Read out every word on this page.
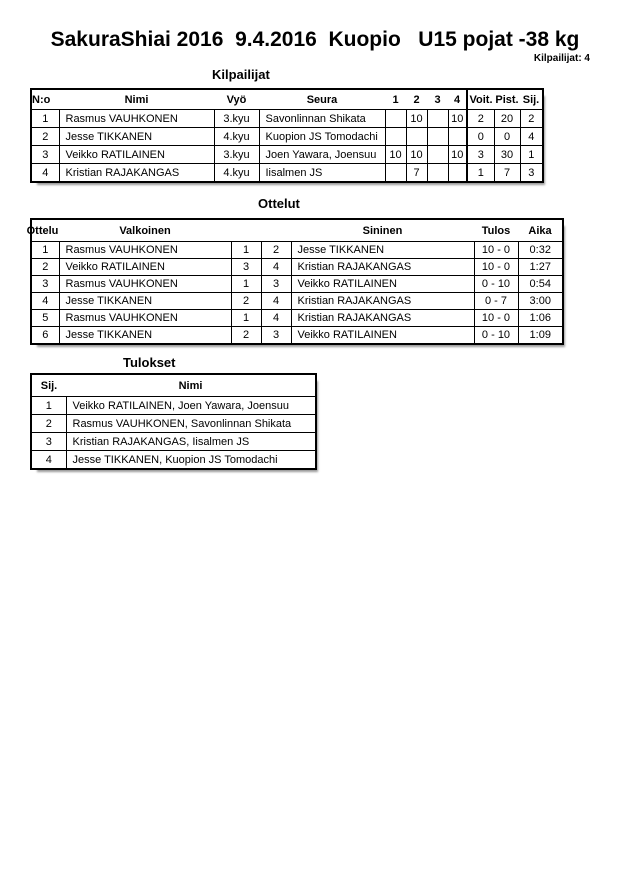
SakuraShiai 2016  9.4.2016  Kuopio   U15 pojat -38 kg
Kilpailijat: 4
Kilpailijat
N:o	Nimi	Vyö	Seura	1	2	3	4	Voit.	Pist.	Sij.
1	Rasmus VAUHKONEN	3.kyu	Savonlinnan Shikata		10		10	2	20	2
2	Jesse TIKKANEN	4.kyu	Kuopion JS Tomodachi					0	0	4
3	Veikko RATILAINEN	3.kyu	Joen Yawara, Joensuu	10	10		10	3	30	1
4	Kristian RAJAKANGAS	4.kyu	Iisalmen JS		7			1	7	3
Ottelut
Ottelu	Valkoinen			Sininen	Tulos	Aika
1	Rasmus VAUHKONEN	1	2	Jesse TIKKANEN	10 - 0	0:32
2	Veikko RATILAINEN	3	4	Kristian RAJAKANGAS	10 - 0	1:27
3	Rasmus VAUHKONEN	1	3	Veikko RATILAINEN	0 - 10	0:54
4	Jesse TIKKANEN	2	4	Kristian RAJAKANGAS	0 - 7	3:00
5	Rasmus VAUHKONEN	1	4	Kristian RAJAKANGAS	10 - 0	1:06
6	Jesse TIKKANEN	2	3	Veikko RATILAINEN	0 - 10	1:09
Tulokset
Sij.	Nimi
1	Veikko RATILAINEN, Joen Yawara, Joensuu
2	Rasmus VAUHKONEN, Savonlinnan Shikata
3	Kristian RAJAKANGAS, Iisalmen JS
4	Jesse TIKKANEN, Kuopion JS Tomodachi
